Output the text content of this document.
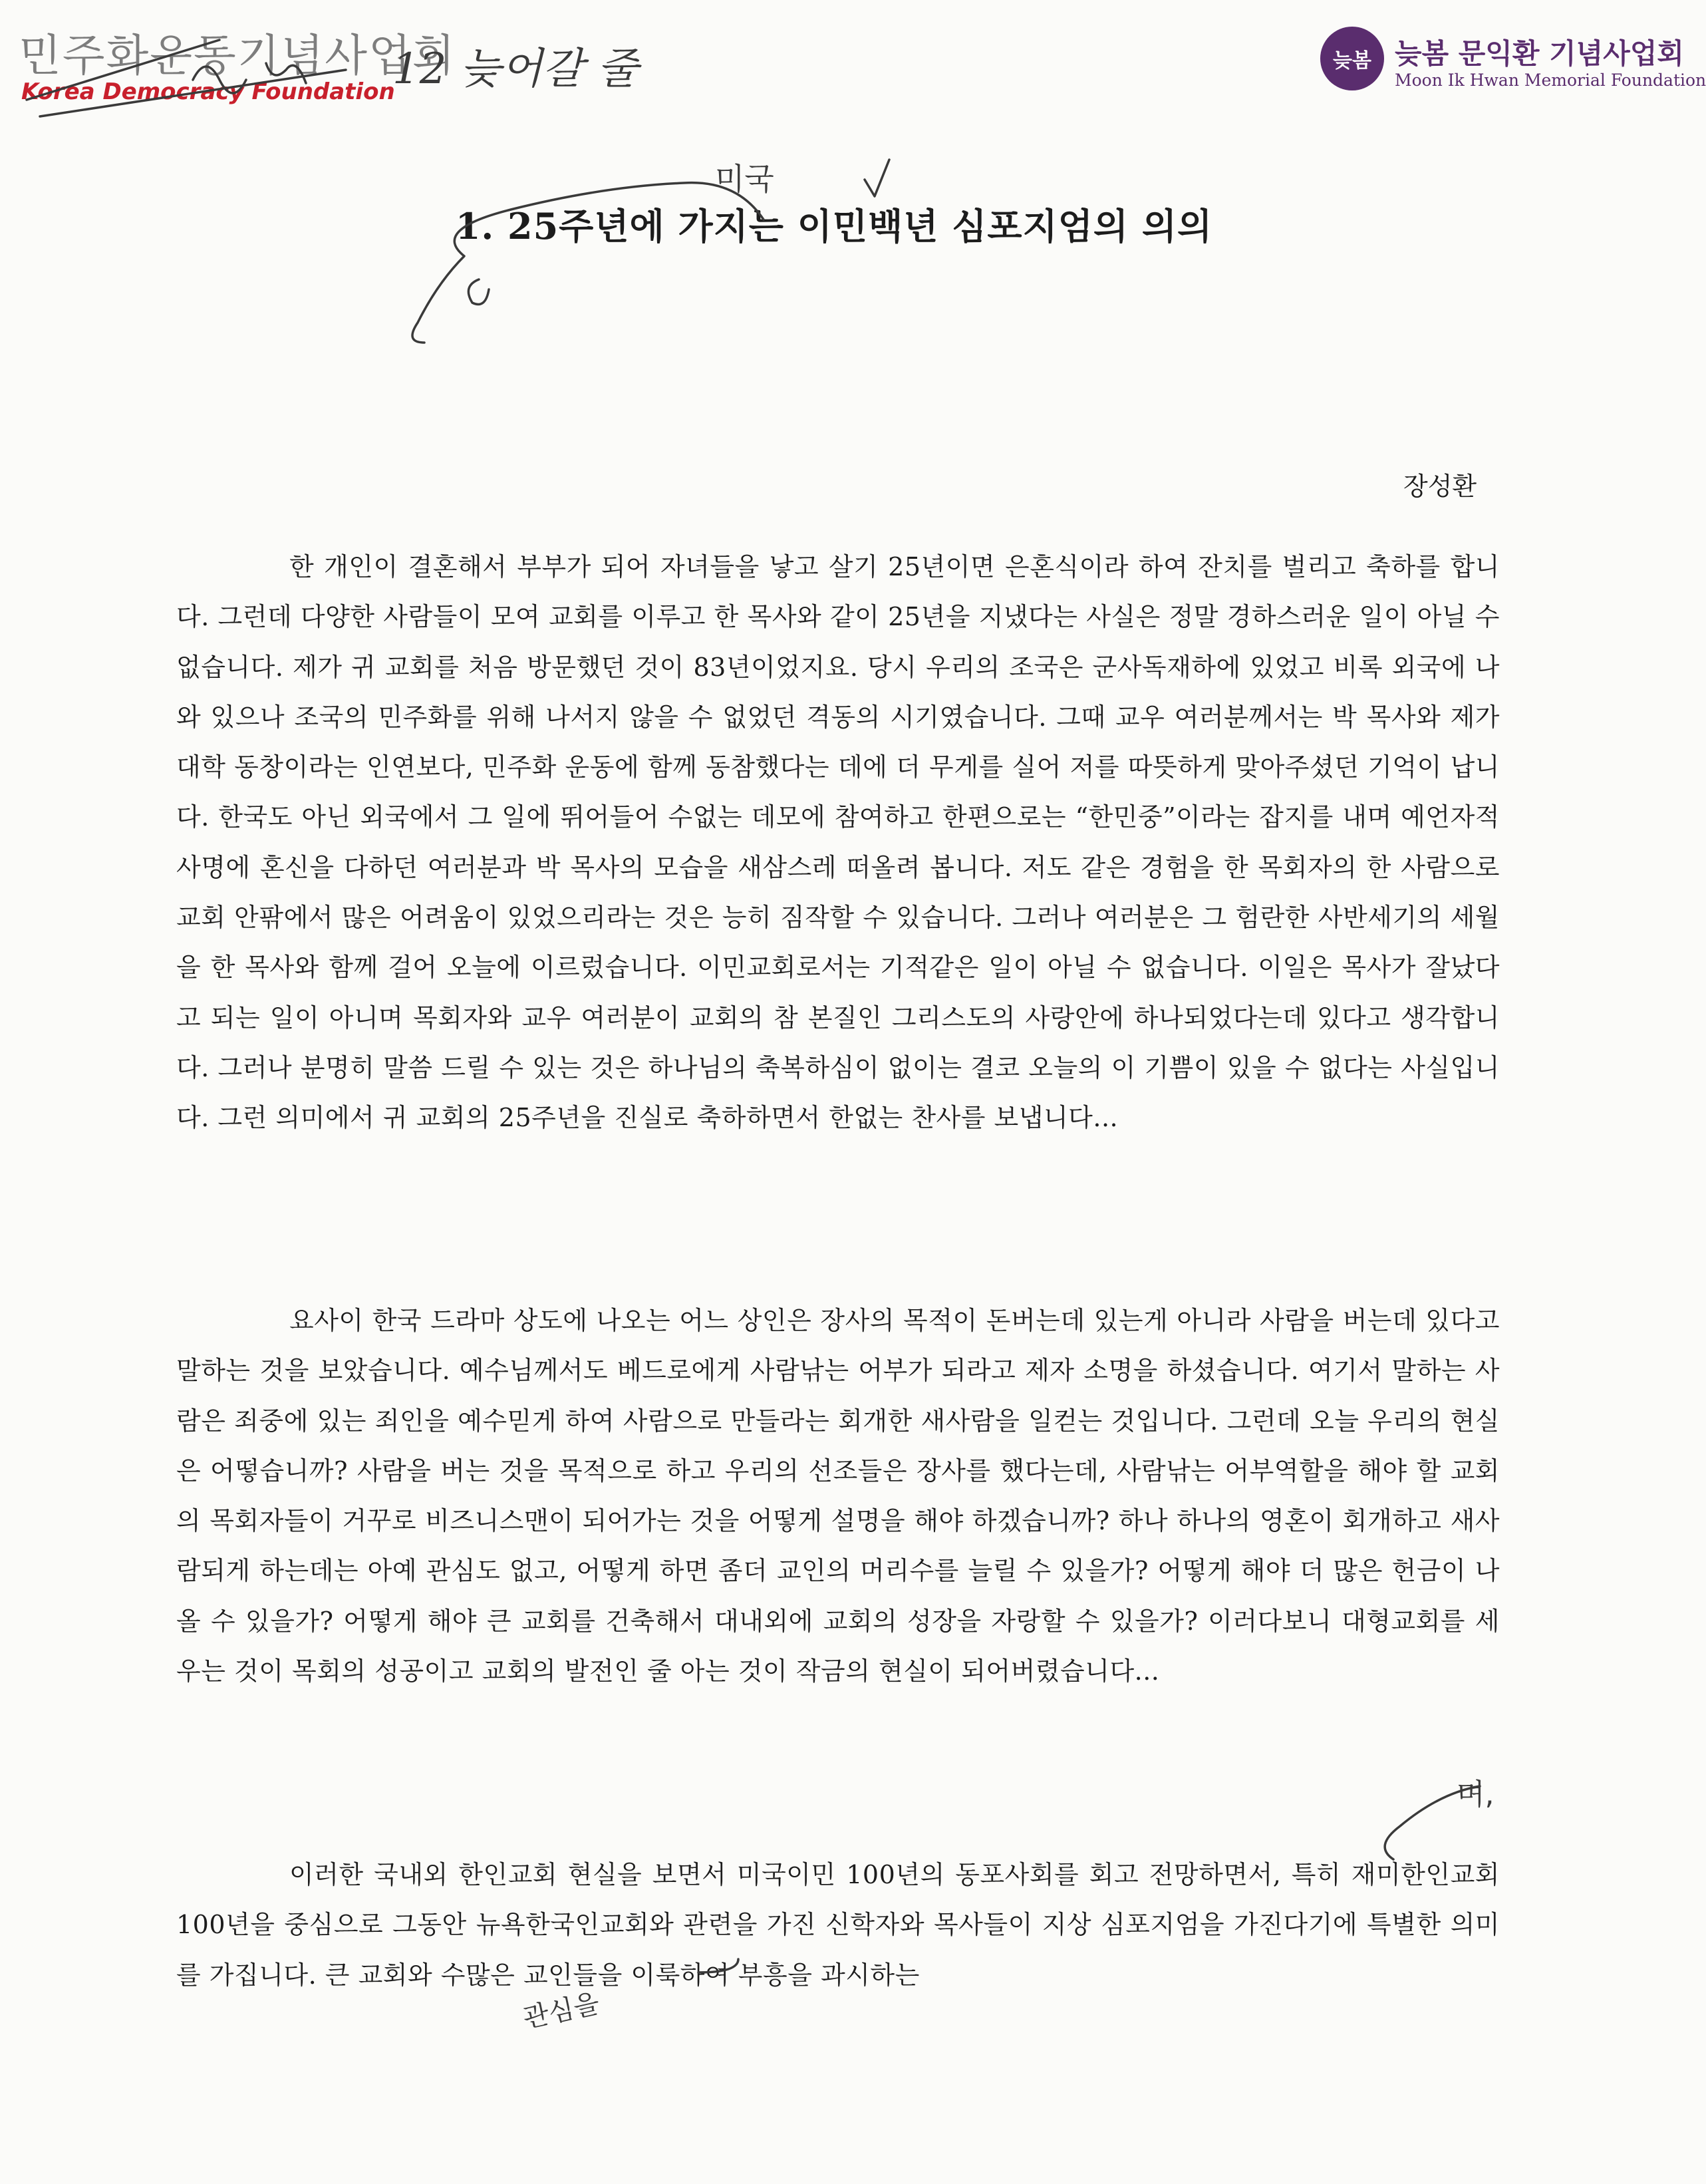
민주화운동기념사업회
Korea Democracy Foundation
늦봄 늦봄 문익환 기념사업회
Moon Ik Hwan Memorial Foundation
1. 25주년에 가지는 이민백년 심포지엄의 의의
장성환
한 개인이 결혼해서 부부가 되어 자녀들을 낳고 살기 25년이면 은혼식이라 하여 잔치를 벌리고 축하를 합니다. 그런데 다양한 사람들이 모여 교회를 이루고 한 목사와 같이 25년을 지냈다는 사실은 정말 경하스러운 일이 아닐 수 없습니다. 제가 귀 교회를 처음 방문했던 것이 83년이었지요. 당시 우리의 조국은 군사독재하에 있었고 비록 외국에 나와 있으나 조국의 민주화를 위해 나서지 않을 수 없었던 격동의 시기였습니다. 그때 교우 여러분께서는 박 목사와 제가 대학 동창이라는 인연보다, 민주화 운동에 함께 동참했다는 데에 더 무게를 실어 저를 따뜻하게 맞아주셨던 기억이 납니다. 한국도 아닌 외국에서 그 일에 뛰어들어 수없는 데모에 참여하고 한편으로는 “한민중”이라는 잡지를 내며 예언자적 사명에 혼신을 다하던 여러분과 박 목사의 모습을 새삼스레 떠올려 봅니다. 저도 같은 경험을 한 목회자의 한 사람으로 교회 안팎에서 많은 어려움이 있었으리라는 것은 능히 짐작할 수 있습니다. 그러나 여러분은 그 험란한 사반세기의 세월을 한 목사와 함께 걸어 오늘에 이르렀습니다. 이민교회로서는 기적같은 일이 아닐 수 없습니다. 이일은 목사가 잘났다고 되는 일이 아니며 목회자와 교우 여러분이 교회의 참 본질인 그리스도의 사랑안에 하나되었다는데 있다고 생각합니다. 그러나 분명히 말씀 드릴 수 있는 것은 하나님의 축복하심이 없이는 결코 오늘의 이 기쁨이 있을 수 없다는 사실입니다. 그런 의미에서 귀 교회의 25주년을 진실로 축하하면서 한없는 찬사를 보냅니다...
요사이 한국 드라마 상도에 나오는 어느 상인은 장사의 목적이 돈버는데 있는게 아니라 사람을 버는데 있다고 말하는 것을 보았습니다. 예수님께서도 베드로에게 사람낚는 어부가 되라고 제자 소명을 하셨습니다. 여기서 말하는 사람은 죄중에 있는 죄인을 예수믿게 하여 사람으로 만들라는 회개한 새사람을 일컫는 것입니다. 그런데 오늘 우리의 현실은 어떻습니까? 사람을 버는 것을 목적으로 하고 우리의 선조들은 장사를 했다는데, 사람낚는 어부역할을 해야 할 교회의 목회자들이 거꾸로 비즈니스맨이 되어가는 것을 어떻게 설명을 해야 하겠습니까? 하나 하나의 영혼이 회개하고 새사람되게 하는데는 아예 관심도 없고, 어떻게 하면 좀더 교인의 머리수를 늘릴 수 있을가? 어떻게 해야 더 많은 헌금이 나올 수 있을가? 어떻게 해야 큰 교회를 건축해서 대내외에 교회의 성장을 자랑할 수 있을가? 이러다보니 대형교회를 세우는 것이 목회의 성공이고 교회의 발전인 줄 아는 것이 작금의 현실이 되어버렸습니다...
이러한 국내외 한인교회 현실을 보면서 미국이민 100년의 동포사회를 회고 전망하면서, 특히 재미한인교회 100년을 중심으로 그동안 뉴욕한국인교회와 관련을 가진 신학자와 목사들이 지상 심포지엄을 가진다기에 특별한 의미를 가집니다. 큰 교회와 수많은 교인들을 이룩하여 부흥을 과시하는
12 늦어갈 줄
미국
며,
관심을
